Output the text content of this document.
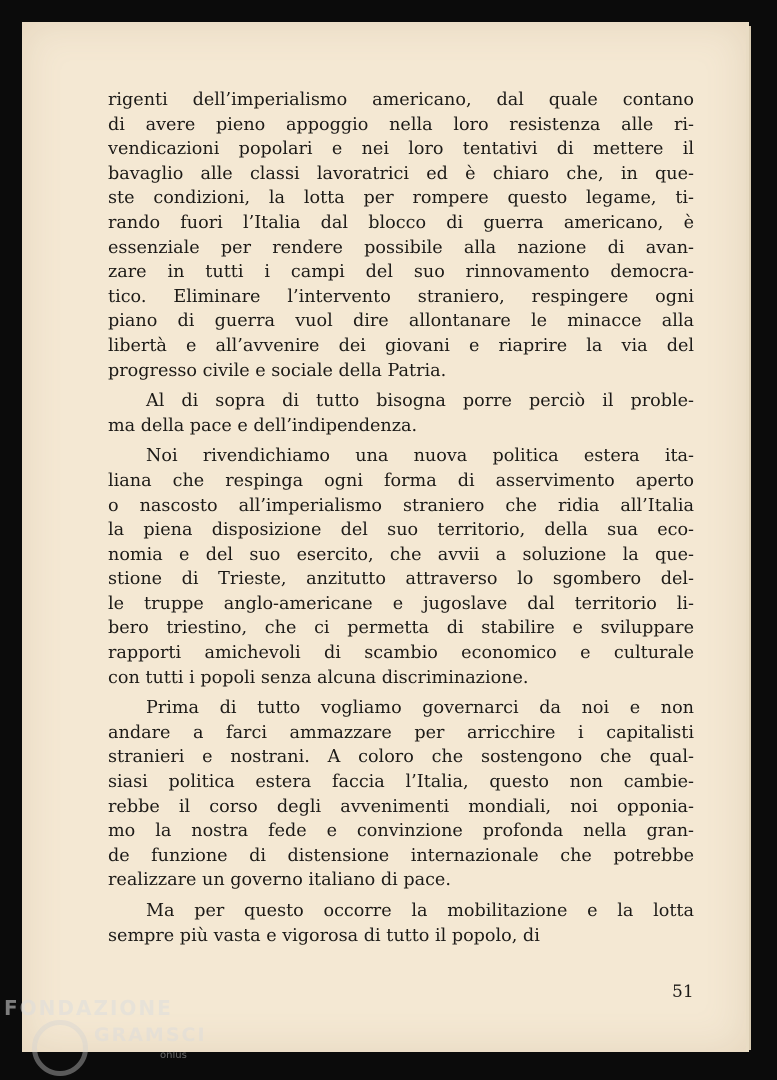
rigenti dell’imperialismo americano, dal quale contano
di avere pieno appoggio nella loro resistenza alle ri-
vendicazioni popolari e nei loro tentativi di mettere il
bavaglio alle classi lavoratrici ed è chiaro che, in que-
ste condizioni, la lotta per rompere questo legame, ti-
rando fuori l’Italia dal blocco di guerra americano, è
essenziale per rendere possibile alla nazione di avan-
zare in tutti i campi del suo rinnovamento democra-
tico. Eliminare l’intervento straniero, respingere ogni
piano di guerra vuol dire allontanare le minacce alla
libertà e all’avvenire dei giovani e riaprire la via del
progresso civile e sociale della Patria.
Al di sopra di tutto bisogna porre perciò il proble-
ma della pace e dell’indipendenza.
Noi rivendichiamo una nuova politica estera ita-
liana che respinga ogni forma di asservimento aperto
o nascosto all’imperialismo straniero che ridia all’Italia
la piena disposizione del suo territorio, della sua eco-
nomia e del suo esercito, che avvii a soluzione la que-
stione di Trieste, anzitutto attraverso lo sgombero del-
le truppe anglo-americane e jugoslave dal territorio li-
bero triestino, che ci permetta di stabilire e sviluppare
rapporti amichevoli di scambio economico e culturale
con tutti i popoli senza alcuna discriminazione.
Prima di tutto vogliamo governarci da noi e non
andare a farci ammazzare per arricchire i capitalisti
stranieri e nostrani. A coloro che sostengono che qual-
siasi politica estera faccia l’Italia, questo non cambie-
rebbe il corso degli avvenimenti mondiali, noi opponia-
mo la nostra fede e convinzione profonda nella gran-
de funzione di distensione internazionale che potrebbe
realizzare un governo italiano di pace.
Ma per questo occorre la mobilitazione e la lotta
sempre più vasta e vigorosa di tutto il popolo, di
51
FONDAZIONE
GRAMSCI
onlus
